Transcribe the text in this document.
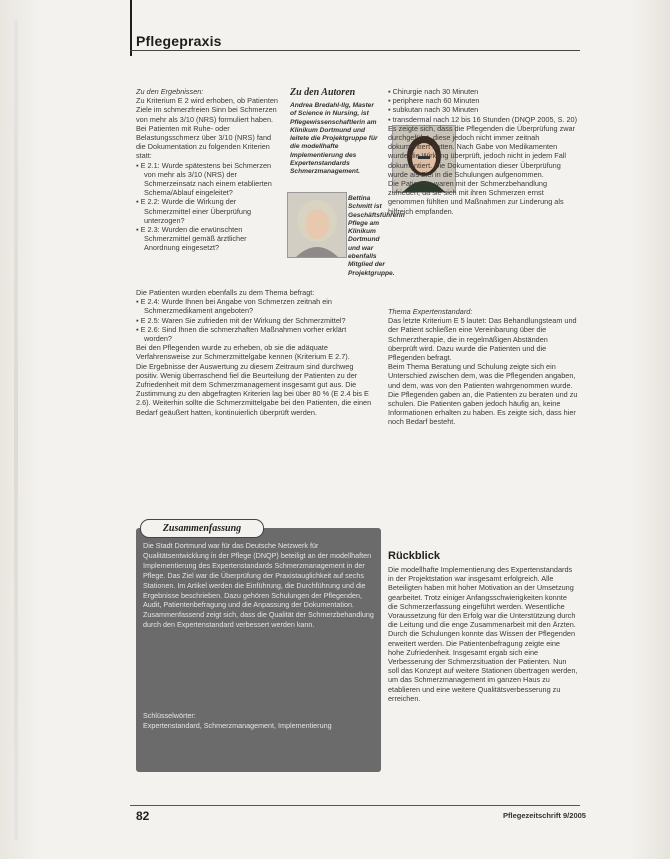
Pflegepraxis
Zu den Ergebnissen:

Zu Kriterium E 2 wird erhoben, ob Patienten Ziele im schmerzfreien Sinn bei Schmerzen von mehr als 3/10 (NRS) formuliert haben. Bei Patienten mit Ruhe- oder Belastungsschmerz über 3/10 (NRS) fand die Dokumentation zu folgenden Kriterien statt:

▪ E 2.1: Wurde spätestens bei Schmerzen von mehr als 3/10 (NRS) der Schmerzeinsatz nach einem etablierten Schema/Ablauf eingeleitet?

▪ E 2.2: Wurde die Wirkung der Schmerzmittel einer Überprüfung unterzogen?

▪ E 2.3: Wurden die erwünschten Schmerzmittel gemäß ärztlicher Anordnung eingesetzt?

Die Patienten wurden ebenfalls zu dem Thema befragt:

▪ E 2.4: Wurde Ihnen bei Angabe von Schmerzen zeitnah ein Schmerzmedikament angeboten?

▪ E 2.5: Waren Sie zufrieden mit der Wirkung der Schmerzmittel?

▪ E 2.6: Sind Ihnen die schmerzhaften Maßnahmen vorher erklärt worden?

Bei den Pflegenden wurde zu erheben, ob sie die adäquate Verfahrensweise zur Schmerzmittelgabe kennen (Kriterium E 2.7).

Die Ergebnisse der Auswertung zu diesem Zeitraum sind durchweg positiv. Wenig überraschend fiel die Beurteilung der Patienten zu der Zufriedenheit mit dem Schmerzmanagement insgesamt gut aus. Die Zustimmung zu den abgefragten Kriterien lag bei über 80 % (E 2.4 bis E 2.6). Weiterhin sollte die Schmerzmittelgabe bei den Patienten, die einen Bedarf geäußert hatten, kontinuierlich überprüft werden.

Zu den Autoren
Andrea Bredahl-Ilg, Master of Science in Nursing, ist Pflegewissenschaftlerin am Klinikum Dortmund und leitete die Projektgruppe für die modellhafte Implementierung des Expertenstandards Schmerzmanagement.
Bettina Schmitt ist Geschäftsführerin Pflege am Klinikum Dortmund und war ebenfalls Mitglied der Projektgruppe.

▪ Chirurgie nach 30 Minuten

▪ periphere nach 60 Minuten

▪ subkutan nach 30 Minuten

▪ transdermal nach 12 bis 16 Stunden (DNQP 2005, S. 20)

Es zeigte sich, dass die Pflegenden die Überprüfung zwar durchgeführt, diese jedoch nicht immer zeitnah dokumentiert hatten. Nach Gabe von Medikamenten wurde die Wirkung überprüft, jedoch nicht in jedem Fall dokumentiert. Die Dokumentation dieser Überprüfung wurde als Ziel in die Schulungen aufgenommen.

Die Patienten waren mit der Schmerzbehandlung zufrieden, da sie sich mit ihren Schmerzen ernst genommen fühlten und Maßnahmen zur Linderung als hilfreich empfanden.

Thema Expertenstandard:

Das letzte Kriterium E 5 lautet: Das Behandlungsteam und der Patient schließen eine Vereinbarung über die Schmerztherapie, die in regelmäßigen Abständen überprüft wird. Dazu wurde die Patienten und die Pflegenden befragt.

Beim Thema Beratung und Schulung zeigte sich ein Unterschied zwischen dem, was die Pflegenden angaben, und dem, was von den Patienten wahrgenommen wurde. Die Pflegenden gaben an, die Patienten zu beraten und zu schulen. Die Patienten gaben jedoch häufig an, keine Informationen erhalten zu haben. Es zeigte sich, dass hier noch Bedarf besteht.

Zusammenfassung
Die Stadt Dortmund war für das Deutsche Netzwerk für Qualitätsentwicklung in der Pflege (DNQP) beteiligt an der modellhaften Implementierung des Expertenstandards Schmerzmanagement in der Pflege. Das Ziel war die Überprüfung der Praxistauglichkeit auf sechs Stationen. Im Artikel werden die Einführung, die Durchführung und die Ergebnisse beschrieben. Dazu gehören Schulungen der Pflegenden, Audit, Patientenbefragung und die Anpassung der Dokumentation. Zusammenfassend zeigt sich, dass die Qualität der Schmerzbehandlung durch den Expertenstandard verbessert werden kann.
Schlüsselwörter:
Expertenstandard, Schmerzmanagement, Implementierung
Rückblick
Die modellhafte Implementierung des Expertenstandards in der Projektstation war insgesamt erfolgreich. Alle Beteiligten haben mit hoher Motivation an der Umsetzung gearbeitet. Trotz einiger Anfangsschwierigkeiten konnte die Schmerzerfassung eingeführt werden. Wesentliche Voraussetzung für den Erfolg war die Unterstützung durch die Leitung und die enge Zusammenarbeit mit den Ärzten. Durch die Schulungen konnte das Wissen der Pflegenden erweitert werden. Die Patientenbefragung zeigte eine hohe Zufriedenheit. Insgesamt ergab sich eine Verbesserung der Schmerzsituation der Patienten. Nun soll das Konzept auf weitere Stationen übertragen werden, um das Schmerzmanagement im ganzen Haus zu etablieren und eine weitere Qualitätsverbesserung zu erreichen.
82	Pflegezeitschrift 9/2005
